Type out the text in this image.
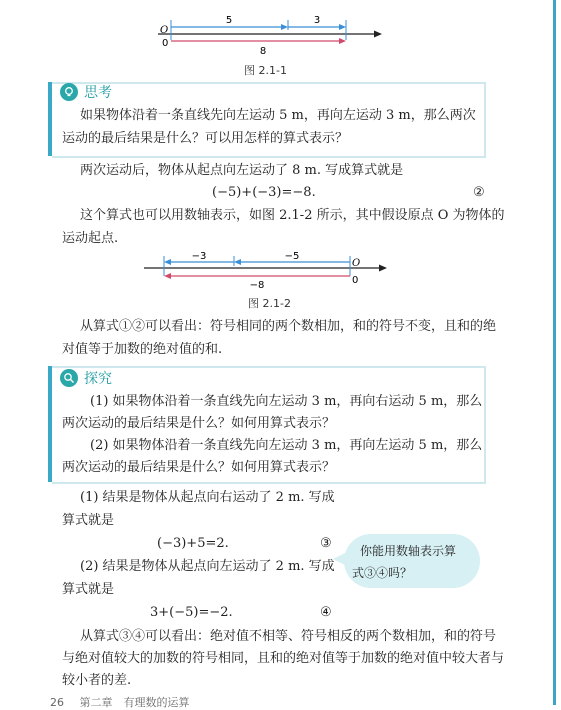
5	3
8
O
0
图 2.1-1
思考
如果物体沿着一条直线先向左运动 5 m，再向左运动 3 m，那么两次
运动的最后结果是什么？可以用怎样的算式表示？
两次运动后，物体从起点向左运动了 8 m. 写成算式就是
(−5)+(−3)=−8.	②
这个算式也可以用数轴表示，如图 2.1-2 所示，其中假设原点 O 为物体的
运动起点.
−3	−5
−8
O
0
图 2.1-2
从算式①②可以看出：符号相同的两个数相加，和的符号不变，且和的绝
对值等于加数的绝对值的和.
探究
(1) 如果物体沿着一条直线先向左运动 3 m，再向右运动 5 m，那么
两次运动的最后结果是什么？如何用算式表示？
(2) 如果物体沿着一条直线先向左运动 3 m，再向左运动 5 m，那么
两次运动的最后结果是什么？如何用算式表示？
(1) 结果是物体从起点向右运动了 2 m. 写成
算式就是
(−3)+5=2.	③
(2) 结果是物体从起点向左运动了 2 m. 写成
算式就是
3+(−5)=−2.	④
你能用数轴表示算
式③④吗？
从算式③④可以看出：绝对值不相等、符号相反的两个数相加，和的符号
与绝对值较大的加数的符号相同，且和的绝对值等于加数的绝对值中较大者与
较小者的差.
26 第二章　有理数的运算
